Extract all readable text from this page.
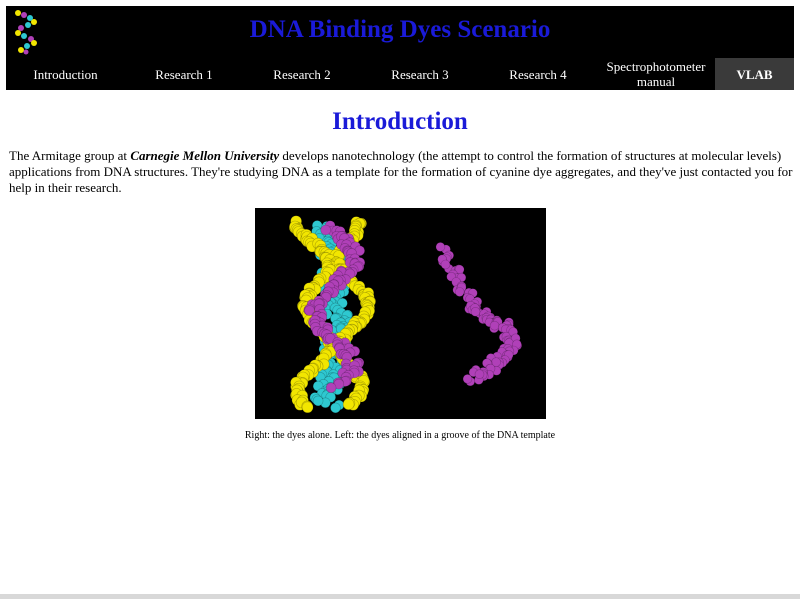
DNA Binding Dyes Scenario
Introduction	Research 1	Research 2	Research 3	Research 4	Spectrophotometer manual	VLAB
Introduction

The Armitage group at Carnegie Mellon University develops nanotechnology (the attempt to control the formation of structures at molecular levels) applications from DNA structures. They're studying DNA as a template for the formation of cyanine dye aggregates, and they've just contacted you for help in their research.

Right: the dyes alone. Left: the dyes aligned in a groove of the DNA template
